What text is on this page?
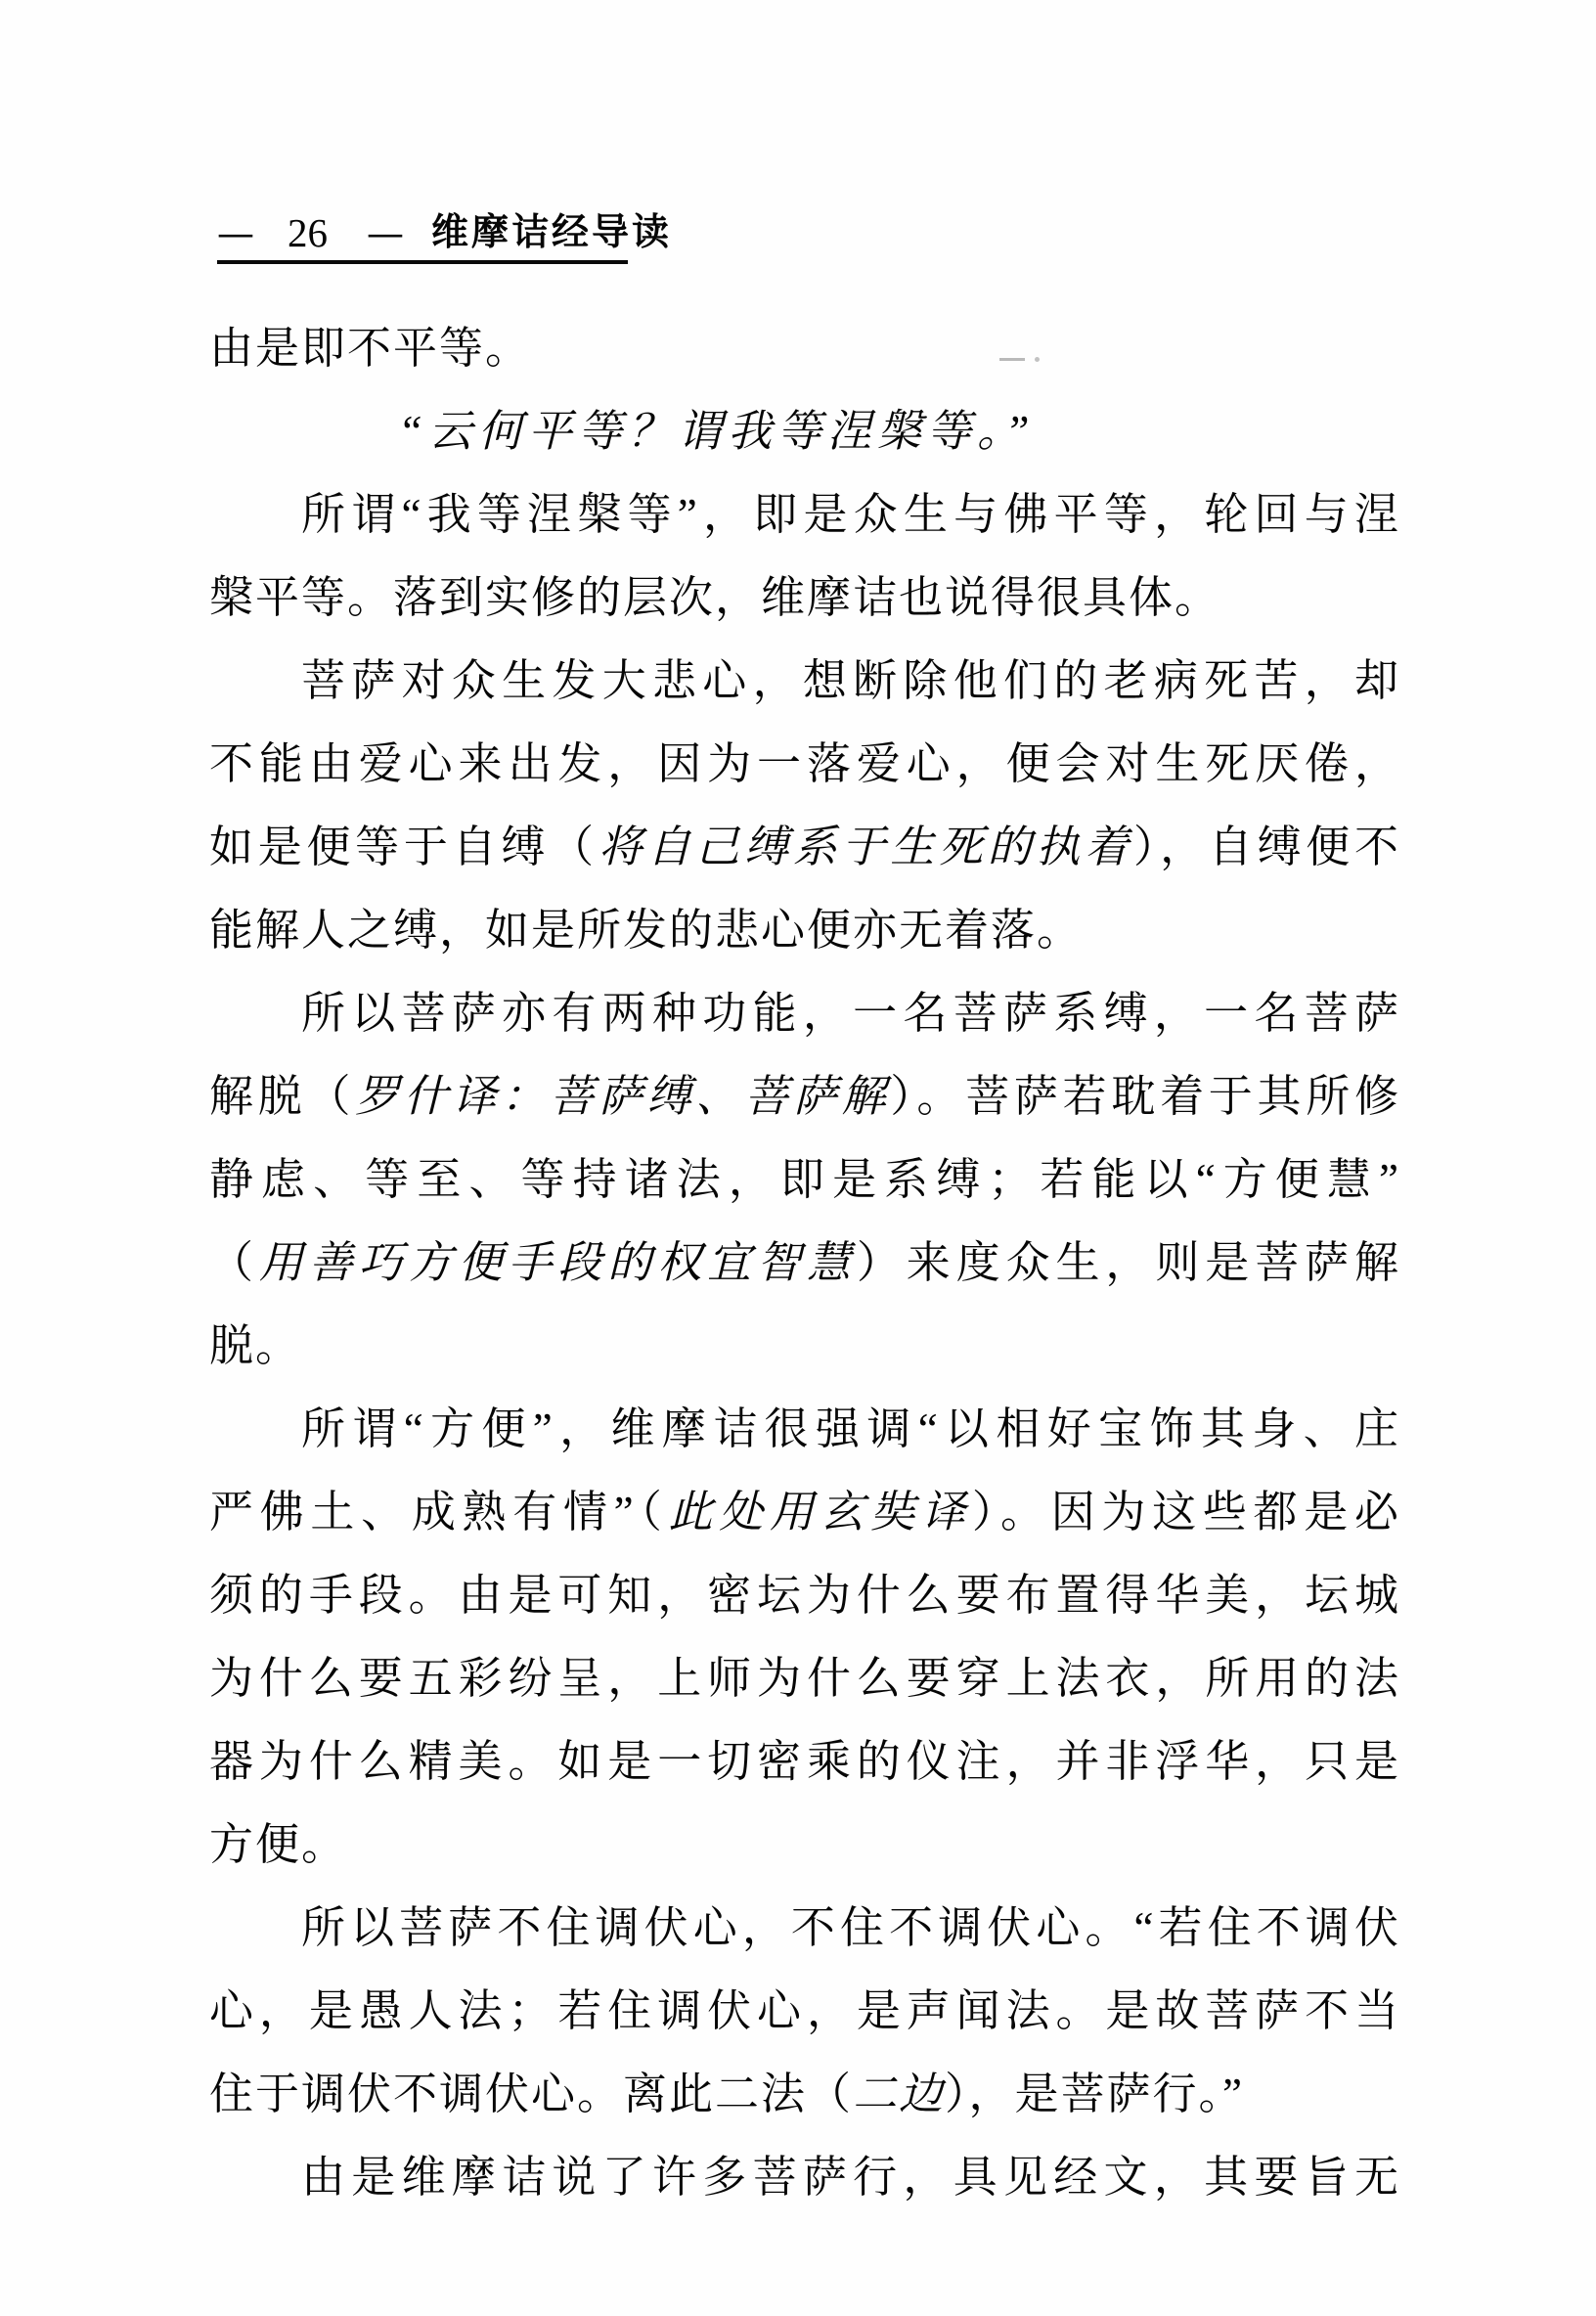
— 26 — 维摩诘经导读
由是即不平等。
“云何平等？谓我等涅槃等。”
所谓“我等涅槃等”，即是众生与佛平等，轮回与涅
槃平等。落到实修的层次，维摩诘也说得很具体。
菩萨对众生发大悲心，想断除他们的老病死苦，却
不能由爱心来出发，因为一落爱心，便会对生死厌倦，
如是便等于自缚（将自己缚系于生死的执着），自缚便不
能解人之缚，如是所发的悲心便亦无着落。
所以菩萨亦有两种功能，一名菩萨系缚，一名菩萨
解脱（罗什译：菩萨缚、菩萨解）。菩萨若耽着于其所修
静虑、等至、等持诸法，即是系缚；若能以“方便慧”
（用善巧方便手段的权宜智慧）来度众生，则是菩萨解
脱。
所谓“方便”，维摩诘很强调“以相好宝饰其身、庄
严佛土、成熟有情”（此处用玄奘译）。因为这些都是必
须的手段。由是可知，密坛为什么要布置得华美，坛城
为什么要五彩纷呈，上师为什么要穿上法衣，所用的法
器为什么精美。如是一切密乘的仪注，并非浮华，只是
方便。
所以菩萨不住调伏心，不住不调伏心。“若住不调伏
心，是愚人法；若住调伏心，是声闻法。是故菩萨不当
住于调伏不调伏心。离此二法（二边），是菩萨行。”
由是维摩诘说了许多菩萨行，具见经文，其要旨无
